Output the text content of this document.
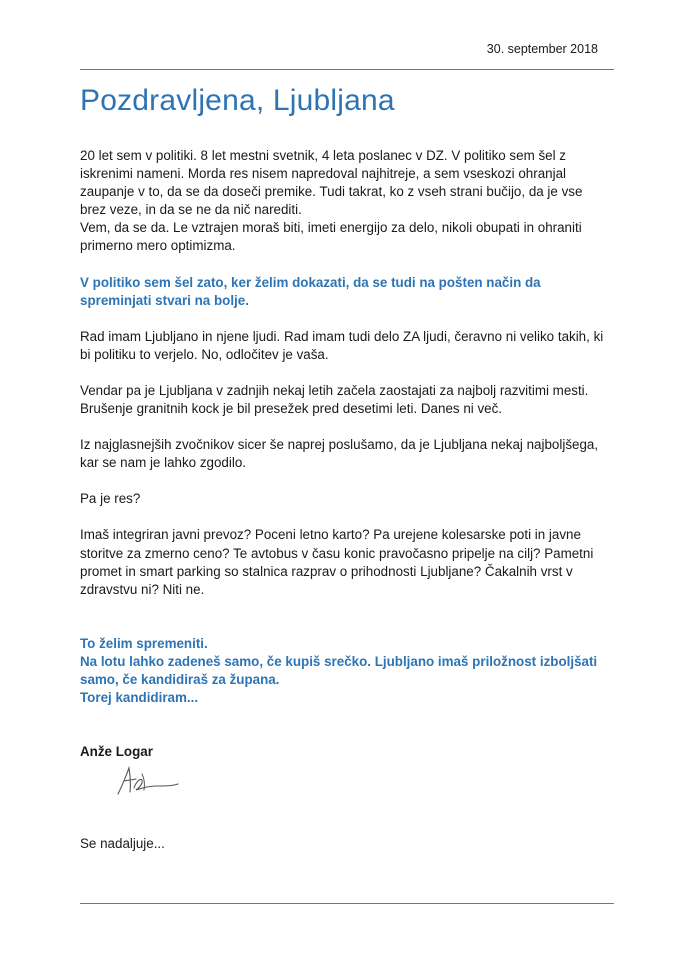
30. september 2018
Pozdravljena, Ljubljana

20 let sem v politiki. 8 let mestni svetnik, 4 leta poslanec v DZ. V politiko sem šel z iskrenimi nameni. Morda res nisem napredoval najhitreje, a sem vseskozi ohranjal zaupanje v to, da se da doseči premike. Tudi takrat, ko z vseh strani bučijo, da je vse brez veze, in da se ne da nič narediti.

Vem, da se da. Le vztrajen moraš biti, imeti energijo za delo, nikoli obupati in ohraniti primerno mero optimizma.

V politiko sem šel zato, ker želim dokazati, da se tudi na pošten način da spreminjati stvari na bolje.

Rad imam Ljubljano in njene ljudi. Rad imam tudi delo ZA ljudi, čeravno ni veliko takih, ki bi politiku to verjelo. No, odločitev je vaša.

Vendar pa je Ljubljana v zadnjih nekaj letih začela zaostajati za najbolj razvitimi mesti. Brušenje granitnih kock je bil presežek pred desetimi leti. Danes ni več.

Iz najglasnejših zvočnikov sicer še naprej poslušamo, da je Ljubljana nekaj najboljšega, kar se nam je lahko zgodilo.

Pa je res?

Imaš integriran javni prevoz? Poceni letno karto? Pa urejene kolesarske poti in javne storitve za zmerno ceno? Te avtobus v času konic pravočasno pripelje na cilj? Pametni promet in smart parking so stalnica razprav o prihodnosti Ljubljane? Čakalnih vrst v zdravstvu ni? Niti ne.

To želim spremeniti.

Na lotu lahko zadeneš samo, če kupiš srečko. Ljubljano imaš priložnost izboljšati samo, če kandidiraš za župana.

Torej kandidiram...

Anže Logar

Se nadaljuje...
